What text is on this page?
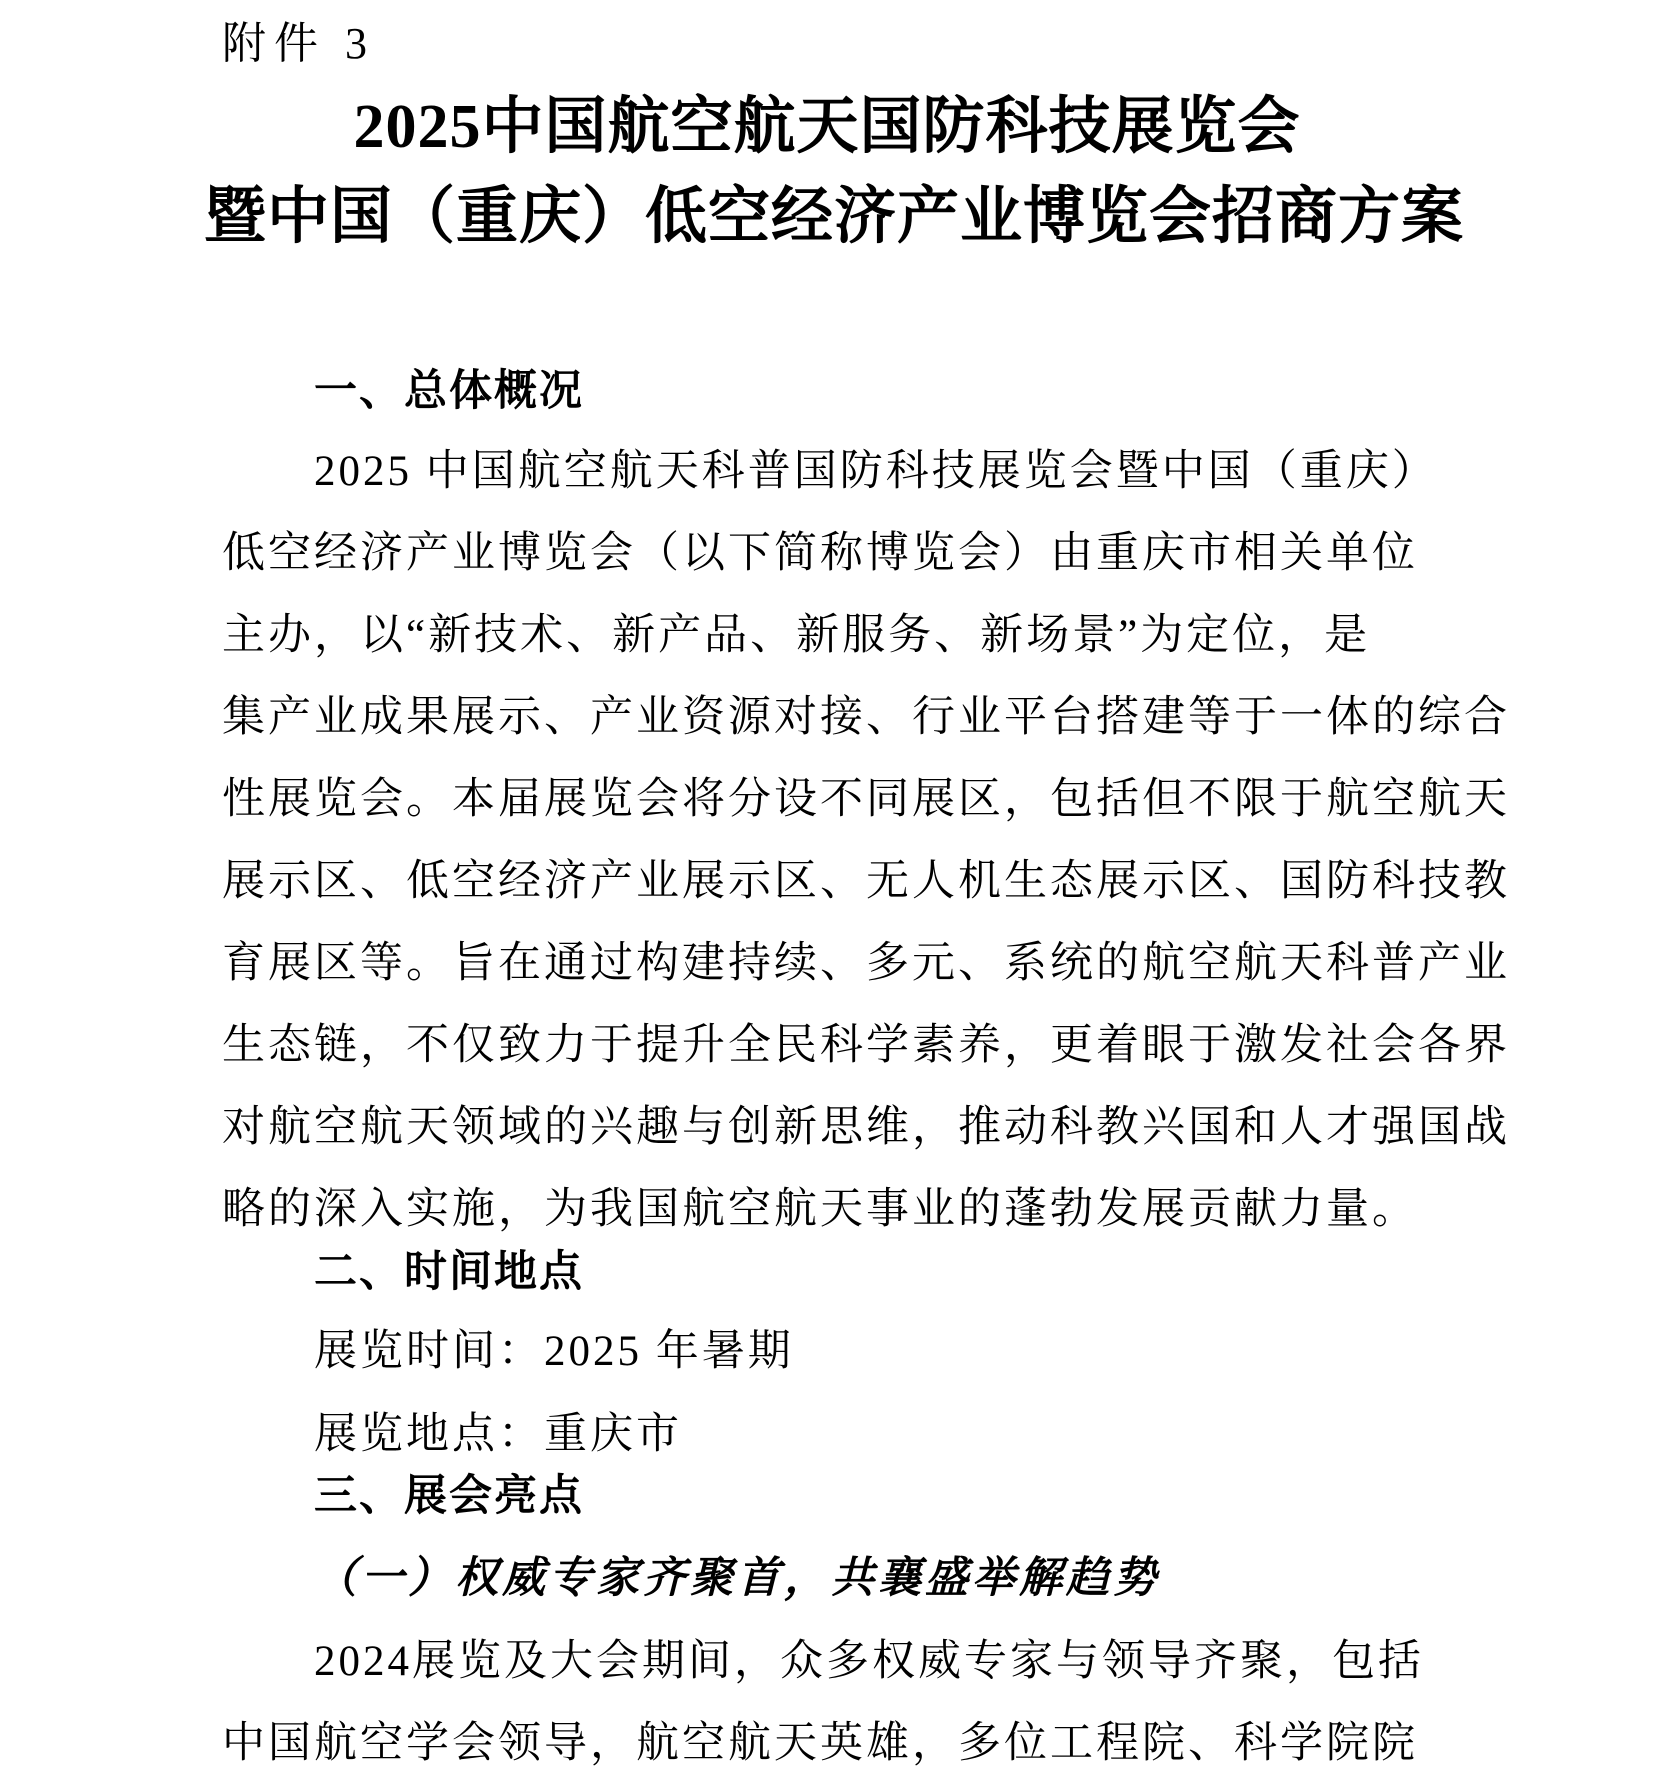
附件 3
2025中国航空航天国防科技展览会
暨中国（重庆）低空经济产业博览会招商方案
一、总体概况
2025 中国航空航天科普国防科技展览会暨中国（重庆）
低空经济产业博览会（以下简称博览会）由重庆市相关单位
主办，以“新技术、新产品、新服务、新场景”为定位，是
集产业成果展示、产业资源对接、行业平台搭建等于一体的综合
性展览会。本届展览会将分设不同展区，包括但不限于航空航天
展示区、低空经济产业展示区、无人机生态展示区、国防科技教
育展区等。旨在通过构建持续、多元、系统的航空航天科普产业
生态链，不仅致力于提升全民科学素养，更着眼于激发社会各界
对航空航天领域的兴趣与创新思维，推动科教兴国和人才强国战
略的深入实施，为我国航空航天事业的蓬勃发展贡献力量。
二、时间地点
展览时间：2025 年暑期
展览地点：重庆市
三、展会亮点
（一）权威专家齐聚首，共襄盛举解趋势
2024展览及大会期间，众多权威专家与领导齐聚，包括
中国航空学会领导，航空航天英雄，多位工程院、科学院院
